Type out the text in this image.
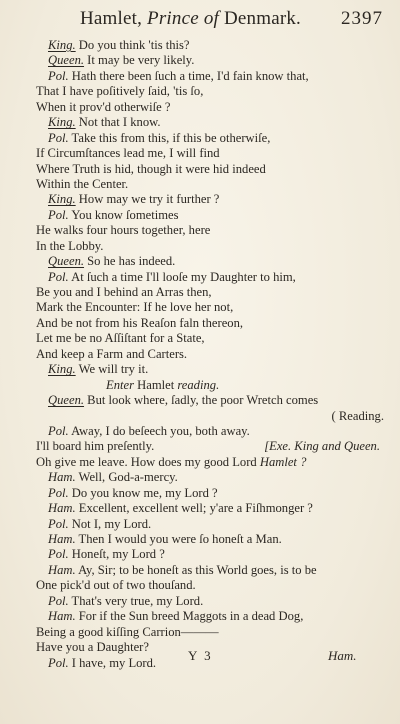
Hamlet, Prince of Denmark. 2397
King. Do you think 'tis this?
Queen. It may be very likely.
Pol. Hath there been ſuch a time, I'd fain know that,
That I have poſitively ſaid, 'tis ſo,
When it prov'd otherwiſe ?
King. Not that I know.
Pol. Take this from this, if this be otherwiſe,
If Circumſtances lead me, I will find
Where Truth is hid, though it were hid indeed
Within the Center.
King. How may we try it further ?
Pol. You know ſometimes
He walks four hours together, here
In the Lobby.
Queen. So he has indeed.
Pol. At ſuch a time I'll looſe my Daughter to him,
Be you and I behind an Arras then,
Mark the Encounter: If he love her not,
And be not from his Reaſon faln thereon,
Let me be no Aſſiſtant for a State,
And keep a Farm and Carters.
King. We will try it.
Enter Hamlet reading.
Queen. But look where, ſadly, the poor Wretch comes
( Reading.
Pol. Away, I do beſeech you, both away.
I'll board him preſently.	[Exe. King and Queen.
Oh give me leave. How does my good Lord Hamlet ?
Ham. Well, God-a-mercy.
Pol. Do you know me, my Lord ?
Ham. Excellent, excellent well; y'are a Fiſhmonger ?
Pol. Not I, my Lord.
Ham. Then I would you were ſo honeſt a Man.
Pol. Honeſt, my Lord ?
Ham. Ay, Sir; to be honeſt as this World goes, is to be
One pick'd out of two thouſand.
Pol. That's very true, my Lord.
Ham. For if the Sun breed Maggots in a dead Dog,
Being a good kiſſing Carrion———
Have you a Daughter?
Pol. I have, my Lord.	Y 3	Ham.
